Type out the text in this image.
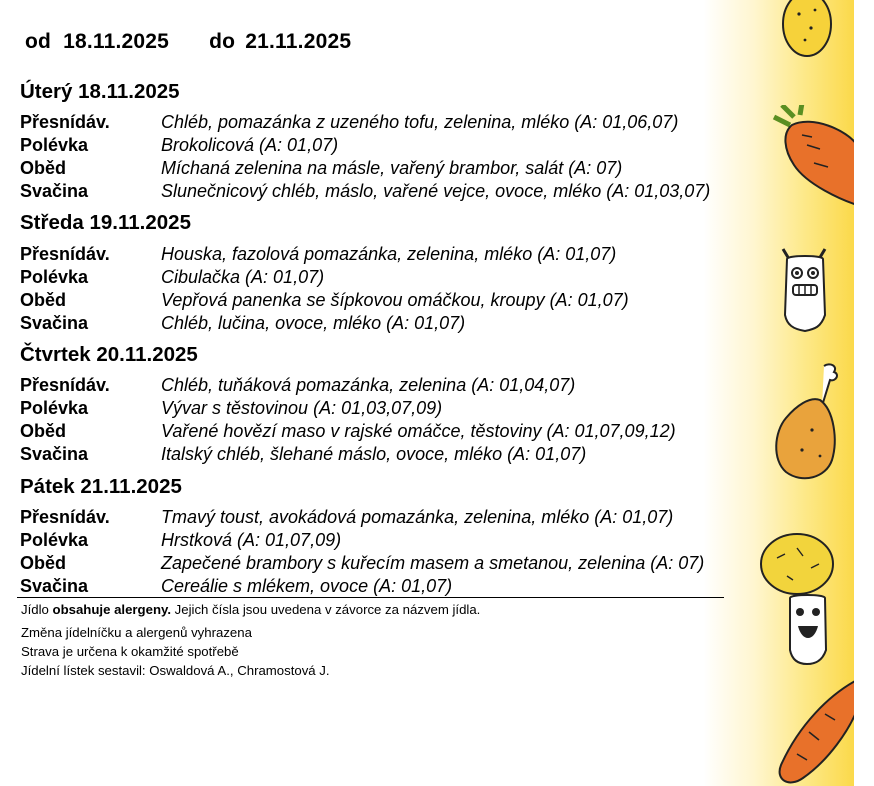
od 18.11.2025 do 21.11.2025
Úterý 18.11.2025
Přesnídáv.	Chléb, pomazánka z uzeného tofu, zelenina, mléko (A: 01,06,07)
Polévka	Brokolicová (A: 01,07)
Oběd	Míchaná zelenina na másle, vařený brambor, salát (A: 07)
Svačina	Slunečnicový chléb, máslo, vařené vejce, ovoce, mléko (A: 01,03,07)
Středa 19.11.2025
Přesnídáv.	Houska, fazolová pomazánka, zelenina, mléko (A: 01,07)
Polévka	Cibulačka (A: 01,07)
Oběd	Vepřová panenka se šípkovou omáčkou, kroupy (A: 01,07)
Svačina	Chléb, lučina, ovoce, mléko (A: 01,07)
Čtvrtek 20.11.2025
Přesnídáv.	Chléb, tuňáková pomazánka, zelenina (A: 01,04,07)
Polévka	Vývar s těstovinou (A: 01,03,07,09)
Oběd	Vařené hovězí maso v rajské omáčce, těstoviny (A: 01,07,09,12)
Svačina	Italský chléb, šlehané máslo, ovoce, mléko (A: 01,07)
Pátek 21.11.2025
Přesnídáv.	Tmavý toust, avokádová pomazánka, zelenina, mléko (A: 01,07)
Polévka	Hrstková (A: 01,07,09)
Oběd	Zapečené brambory s kuřecím masem a smetanou, zelenina (A: 07)
Svačina	Cereálie s mlékem, ovoce (A: 01,07)
Jídlo obsahuje alergeny. Jejich čísla jsou uvedena v závorce za názvem jídla.
Změna jídelníčku a alergenů vyhrazena
Strava je určena k okamžité spotřebě
Jídelní lístek sestavil: Oswaldová A., Chramostová J.
